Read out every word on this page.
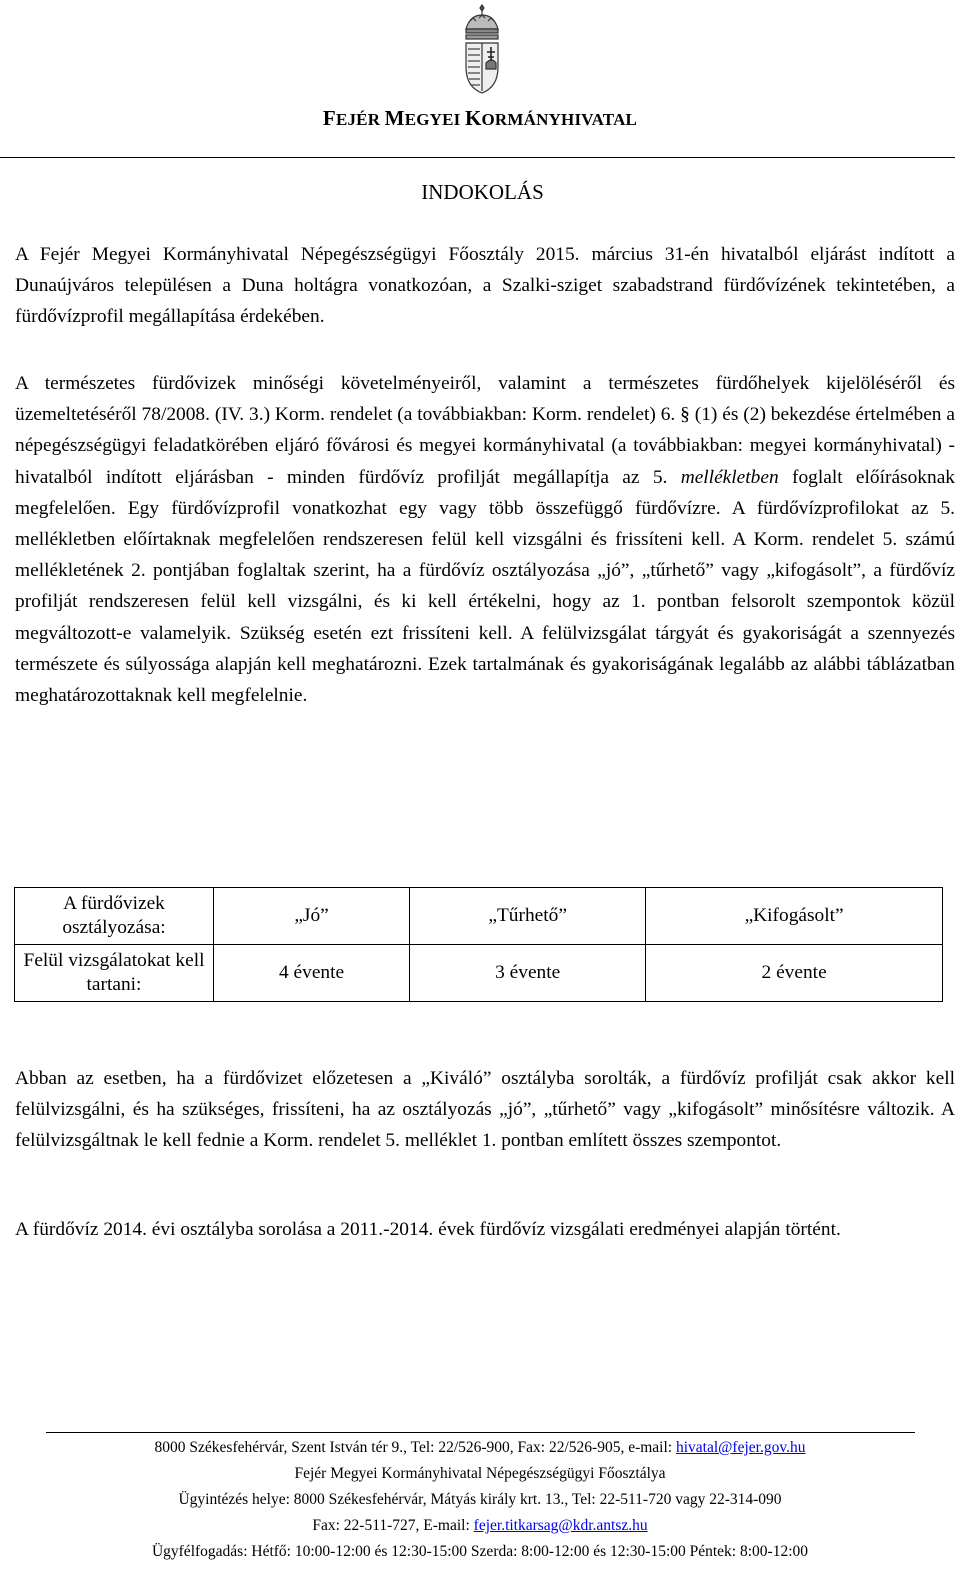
FEJÉR MEGYEI KORMÁNYHIVATAL
INDOKOLÁS

A Fejér Megyei Kormányhivatal Népegészségügyi Főosztály 2015. március 31-én hivatalból eljárást indított a Dunaújváros településen a Duna holtágra vonatkozóan, a Szalki-sziget szabadstrand fürdővízének tekintetében, a fürdővízprofil megállapítása érdekében.

A természetes fürdővizek minőségi követelményeiről, valamint a természetes fürdőhelyek kijelöléséről és üzemeltetéséről 78/2008. (IV. 3.) Korm. rendelet (a továbbiakban: Korm. rendelet) 6. § (1) és (2) bekezdése értelmében a népegészségügyi feladatkörében eljáró fővárosi és megyei kormányhivatal (a továbbiakban: megyei kormányhivatal) - hivatalból indított eljárásban - minden fürdővíz profilját megállapítja az 5. mellékletben foglalt előírásoknak megfelelően. Egy fürdővízprofil vonatkozhat egy vagy több összefüggő fürdővízre. A fürdővízprofilokat az 5. mellékletben előírtaknak megfelelően rendszeresen felül kell vizsgálni és frissíteni kell. A Korm. rendelet 5. számú mellékletének 2. pontjában foglaltak szerint, ha a fürdővíz osztályozása „jó”, „tűrhető” vagy „kifogásolt”, a fürdővíz profilját rendszeresen felül kell vizsgálni, és ki kell értékelni, hogy az 1. pontban felsorolt szempontok közül megváltozott-e valamelyik. Szükség esetén ezt frissíteni kell. A felülvizsgálat tárgyát és gyakoriságát a szennyezés természete és súlyossága alapján kell meghatározni. Ezek tartalmának és gyakoriságának legalább az alábbi táblázatban meghatározottaknak kell megfelelnie.

A fürdővizek osztályozása:	„Jó”	„Tűrhető”	„Kifogásolt”
Felül vizsgálatokat kell tartani:	4 évente	3 évente	2 évente

Abban az esetben, ha a fürdővizet előzetesen a „Kiváló” osztályba sorolták, a fürdővíz profilját csak akkor kell felülvizsgálni, és ha szükséges, frissíteni, ha az osztályozás „jó”, „tűrhető” vagy „kifogásolt” minősítésre változik. A felülvizsgáltnak le kell fednie a Korm. rendelet 5. melléklet 1. pontban említett összes szempontot.

A fürdővíz 2014. évi osztályba sorolása a 2011.-2014. évek fürdővíz vizsgálati eredményei alapján történt.

8000 Székesfehérvár, Szent István tér 9., Tel: 22/526-900, Fax: 22/526-905, e-mail: hivatal@fejer.gov.hu
Fejér Megyei Kormányhivatal Népegészségügyi Főosztálya
Ügyintézés helye: 8000 Székesfehérvár, Mátyás király krt. 13., Tel: 22-511-720 vagy 22-314-090
Fax: 22-511-727, E-mail: fejer.titkarsag@kdr.antsz.hu
Ügyfélfogadás: Hétfő: 10:00-12:00 és 12:30-15:00 Szerda: 8:00-12:00 és 12:30-15:00 Péntek: 8:00-12:00
